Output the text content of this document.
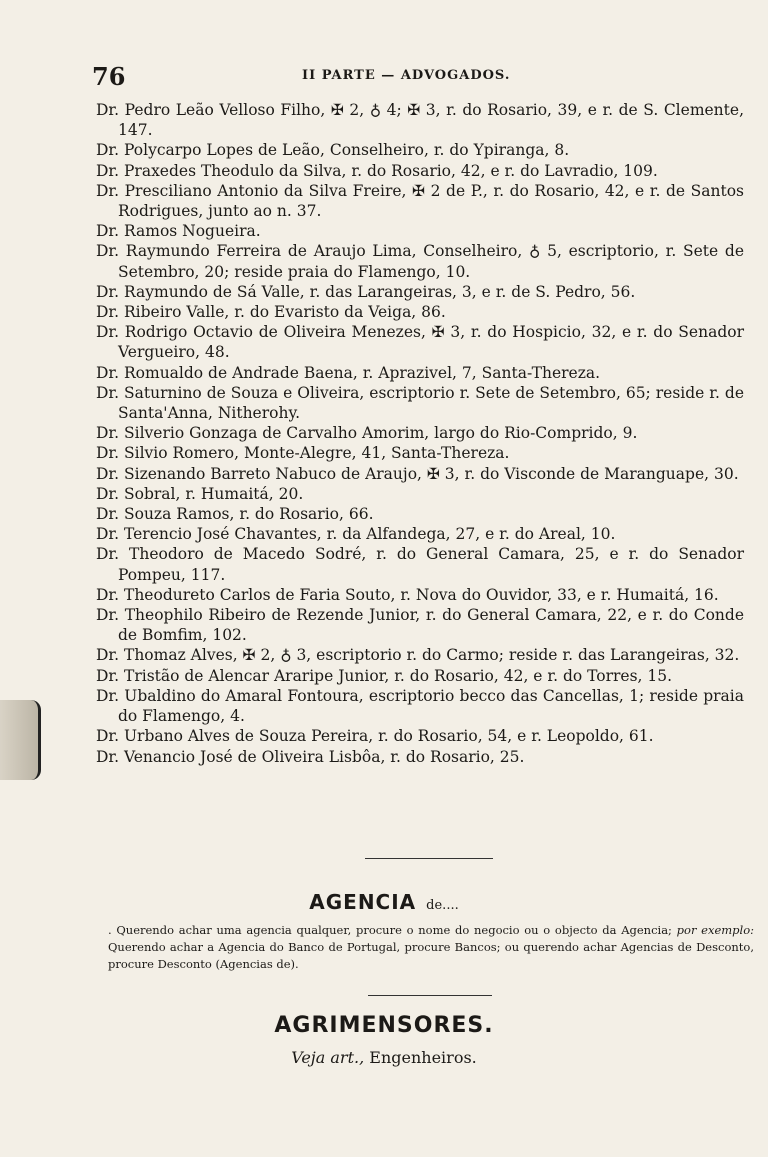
76	II PARTE — ADVOGADOS.
Dr. Pedro Leão Velloso Filho, ✠ 2, ♁ 4; ✠ 3, r. do Rosario, 39, e r. de S. Clemente, 147.
Dr. Polycarpo Lopes de Leão, Conselheiro, r. do Ypiranga, 8.
Dr. Praxedes Theodulo da Silva, r. do Rosario, 42, e r. do Lavradio, 109.
Dr. Presciliano Antonio da Silva Freire, ✠ 2 de P., r. do Rosario, 42, e r. de Santos Rodrigues, junto ao n. 37.
Dr. Ramos Nogueira.
Dr. Raymundo Ferreira de Araujo Lima, Conselheiro, ♁ 5, escriptorio, r. Sete de Setembro, 20; reside praia do Flamengo, 10.
Dr. Raymundo de Sá Valle, r. das Larangeiras, 3, e r. de S. Pedro, 56.
Dr. Ribeiro Valle, r. do Evaristo da Veiga, 86.
Dr. Rodrigo Octavio de Oliveira Menezes, ✠ 3, r. do Hospicio, 32, e r. do Senador Vergueiro, 48.
Dr. Romualdo de Andrade Baena, r. Aprazivel, 7, Santa-Thereza.
Dr. Saturnino de Souza e Oliveira, escriptorio r. Sete de Setembro, 65; reside r. de Santa'Anna, Nitherohy.
Dr. Silverio Gonzaga de Carvalho Amorim, largo do Rio-Comprido, 9.
Dr. Silvio Romero, Monte-Alegre, 41, Santa-Thereza.
Dr. Sizenando Barreto Nabuco de Araujo, ✠ 3, r. do Visconde de Maranguape, 30.
Dr. Sobral, r. Humaitá, 20.
Dr. Souza Ramos, r. do Rosario, 66.
Dr. Terencio José Chavantes, r. da Alfandega, 27, e r. do Areal, 10.
Dr. Theodoro de Macedo Sodré, r. do General Camara, 25, e r. do Senador Pompeu, 117.
Dr. Theodureto Carlos de Faria Souto, r. Nova do Ouvidor, 33, e r. Humaitá, 16.
Dr. Theophilo Ribeiro de Rezende Junior, r. do General Camara, 22, e r. do Conde de Bomfim, 102.
Dr. Thomaz Alves, ✠ 2, ♁ 3, escriptorio r. do Carmo; reside r. das Larangeiras, 32.
Dr. Tristão de Alencar Araripe Junior, r. do Rosario, 42, e r. do Torres, 15.
Dr. Ubaldino do Amaral Fontoura, escriptorio becco das Cancellas, 1; reside praia do Flamengo, 4.
Dr. Urbano Alves de Souza Pereira, r. do Rosario, 54, e r. Leopoldo, 61.
Dr. Venancio José de Oliveira Lisbôa, r. do Rosario, 25.
AGENCIA de....
. Querendo achar uma agencia qualquer, procure o nome do negocio ou o objecto da Agencia; por exemplo: Querendo achar a Agencia do Banco de Portugal, procure Bancos; ou querendo achar Agencias de Desconto, procure Desconto (Agencias de).
AGRIMENSORES.
Veja art., Engenheiros.
